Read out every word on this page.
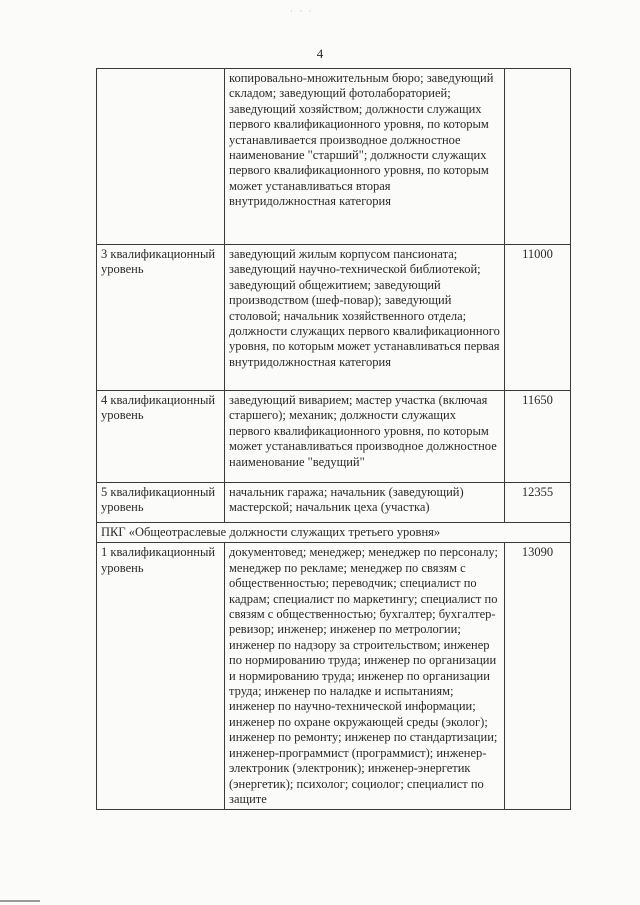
4
	копировально-множительным бюро; заведующий складом; заведующий фотолабораторией; заведующий хозяйством; должности служащих первого квалификационного уровня, по которым устанавливается производное должностное наименование "старший"; должности служащих первого квалификационного уровня, по которым может устанавливаться вторая внутридолжностная категория	
3 квалификационный уровень	заведующий жилым корпусом пансионата; заведующий научно-технической библиотекой; заведующий общежитием; заведующий производством (шеф-повар); заведующий столовой; начальник хозяйственного отдела; должности служащих первого квалификационного уровня, по которым может устанавливаться первая внутридолжностная категория	11000
4 квалификационный уровень	заведующий виварием; мастер участка (включая старшего); механик; должности служащих первого квалификационного уровня, по которым может устанавливаться производное должностное наименование "ведущий"	11650
5 квалификационный уровень	начальник гаража; начальник (заведующий) мастерской; начальник цеха (участка)	12355
ПКГ «Общеотраслевые должности служащих третьего уровня»		
1 квалификационный уровень	документовед; менеджер; менеджер по персоналу; менеджер по рекламе; менеджер по связям с общественностью; переводчик; специалист по кадрам; специалист по маркетингу; специалист по связям с общественностью; бухгалтер; бухгалтер-ревизор; инженер; инженер по метрологии; инженер по надзору за строительством; инженер по нормированию труда; инженер по организации и нормированию труда; инженер по организации труда; инженер по наладке и испытаниям; инженер по научно-технической информации; инженер по охране окружающей среды (эколог); инженер по ремонту; инженер по стандартизации; инженер-программист (программист); инженер-электроник (электроник); инженер-энергетик (энергетик); психолог; социолог; специалист по защите	13090
· · ·
